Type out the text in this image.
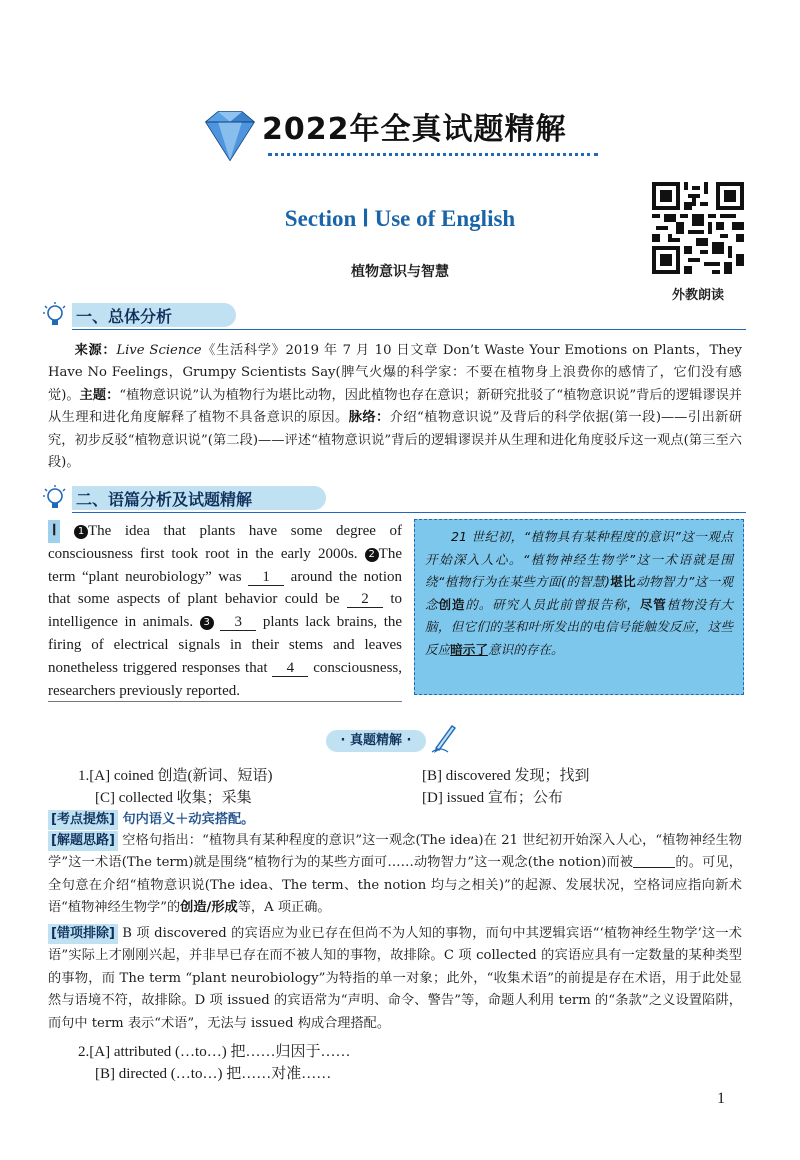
2022年全真试题精解
Section Ⅰ Use of English
植物意识与智慧
外教朗读
一、总体分析
来源：Live Science《生活科学》2019 年 7 月 10 日文章 Don’t Waste Your Emotions on Plants，They Have No Feelings，Grumpy Scientists Say(脾气火爆的科学家：不要在植物身上浪费你的感情了，它们没有感觉)。主题：“植物意识说”认为植物行为堪比动物，因此植物也存在意识；新研究批驳了“植物意识说”背后的逻辑谬误并从生理和进化角度解释了植物不具备意识的原因。脉络：介绍“植物意识说”及背后的科学依据(第一段)——引出新研究，初步反驳“植物意识说”(第二段)——评述“植物意识说”背后的逻辑谬误并从生理和进化角度驳斥这一观点(第三至六段)。
二、语篇分析及试题精解
Ⅰ 1 The idea that plants have some degree of consciousness first took root in the early 2000s. 2 The term “plant neurobiology” was 1 around the notion that some aspects of plant behavior could be 2 to intelligence in animals. 3 3 plants lack brains, the firing of electrical signals in their stems and leaves nonetheless triggered responses that 4 consciousness, researchers previously reported.
21 世纪初，“植物具有某种程度的意识”这一观点开始深入人心。“植物神经生物学”这一术语就是围绕“植物行为在某些方面(的智慧)堪比动物智力”这一观念创造的。研究人员此前曾报告称，尽管植物没有大脑，但它们的茎和叶所发出的电信号能触发反应，这些反应暗示了意识的存在。
· 真题精解 ·
1.[A] coined 创造(新词、短语)	[B] discovered 发现；找到
[C] collected 收集；采集	[D] issued 宣布；公布
[考点提炼] 句内语义＋动宾搭配。
[解题思路] 空格句指出：“植物具有某种程度的意识”这一观念(The idea)在 21 世纪初开始深入人心，“植物神经生物学”这一术语(The term)就是围绕“植物行为的某些方面可……动物智力”这一观念(the notion)而被	的。可见，全句意在介绍“植物意识说(The idea、The term、the notion 均与之相关)”的起源、发展状况，空格词应指向新术语“植物神经生物学”的创造/形成等，A 项正确。
[错项排除] B 项 discovered 的宾语应为业已存在但尚不为人知的事物，而句中其逻辑宾语“‘植物神经生物学’这一术语”实际上才刚刚兴起，并非早已存在而不被人知的事物，故排除。C 项 collected 的宾语应具有一定数量的某种类型的事物，而 The term “plant neurobiology”为特指的单一对象；此外，“收集术语”的前提是存在术语，用于此处显然与语境不符，故排除。D 项 issued 的宾语常为“声明、命令、警告”等，命题人利用 term 的“条款”之义设置陷阱，而句中 term 表示“术语”，无法与 issued 构成合理搭配。
2.[A] attributed (…to…) 把……归因于……
[B] directed (…to…) 把……对准……
1
